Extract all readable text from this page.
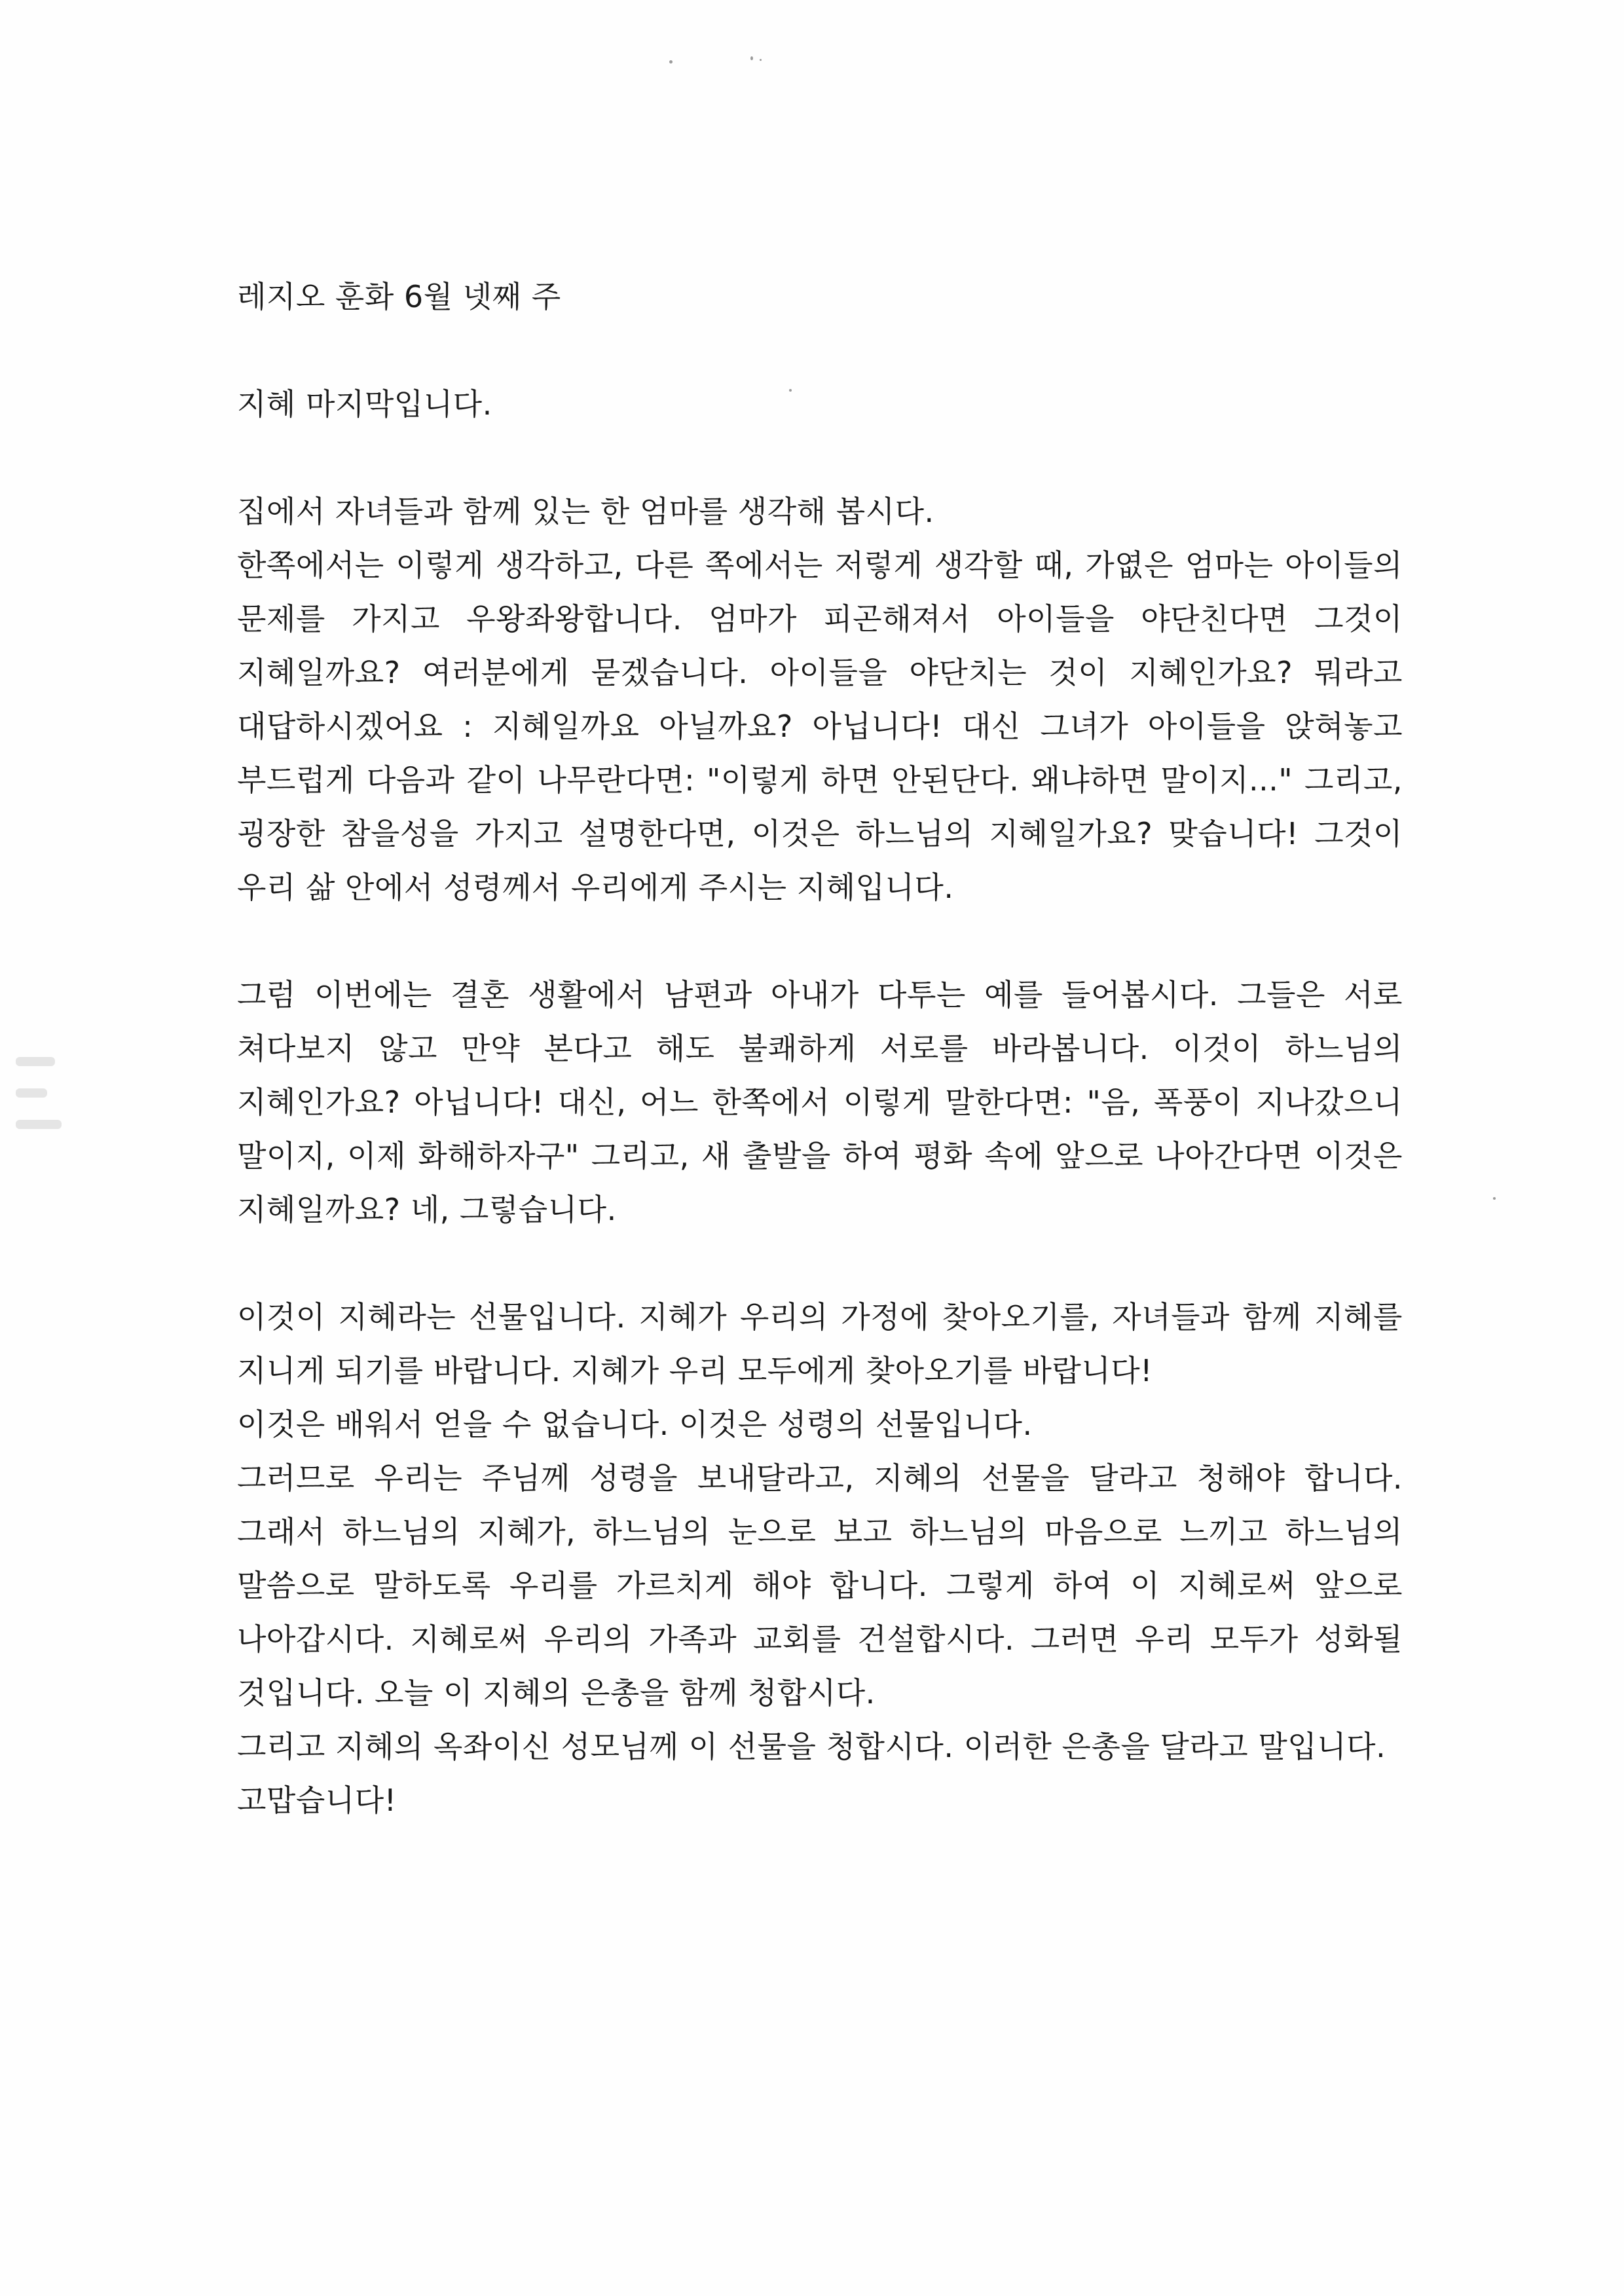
레지오 훈화 6월 넷째 주

지혜 마지막입니다.

집에서 자녀들과 함께 있는 한 엄마를 생각해 봅시다.

한쪽에서는 이렇게 생각하고, 다른 쪽에서는 저렇게 생각할 때, 가엾은 엄마는 아이들의 문제를 가지고 우왕좌왕합니다. 엄마가 피곤해져서 아이들을 야단친다면 그것이 지혜일까요? 여러분에게 묻겠습니다. 아이들을 야단치는 것이 지혜인가요? 뭐라고 대답하시겠어요 : 지혜일까요 아닐까요? 아닙니다! 대신 그녀가 아이들을 앉혀놓고 부드럽게 다음과 같이 나무란다면: "이렇게 하면 안된단다. 왜냐하면 말이지..." 그리고, 굉장한 참을성을 가지고 설명한다면, 이것은 하느님의 지혜일가요? 맞습니다! 그것이 우리 삶 안에서 성령께서 우리에게 주시는 지혜입니다.

그럼 이번에는 결혼 생활에서 남편과 아내가 다투는 예를 들어봅시다. 그들은 서로 쳐다보지 않고 만약 본다고 해도 불쾌하게 서로를 바라봅니다. 이것이 하느님의 지혜인가요? 아닙니다! 대신, 어느 한쪽에서 이렇게 말한다면: "음, 폭풍이 지나갔으니 말이지, 이제 화해하자구" 그리고, 새 출발을 하여 평화 속에 앞으로 나아간다면 이것은 지혜일까요? 네, 그렇습니다.

이것이 지혜라는 선물입니다. 지혜가 우리의 가정에 찾아오기를, 자녀들과 함께 지혜를 지니게 되기를 바랍니다. 지혜가 우리 모두에게 찾아오기를 바랍니다!

이것은 배워서 얻을 수 없습니다. 이것은 성령의 선물입니다.

그러므로 우리는 주님께 성령을 보내달라고, 지혜의 선물을 달라고 청해야 합니다. 그래서 하느님의 지혜가, 하느님의 눈으로 보고 하느님의 마음으로 느끼고 하느님의 말씀으로 말하도록 우리를 가르치게 해야 합니다. 그렇게 하여 이 지혜로써 앞으로 나아갑시다. 지혜로써 우리의 가족과 교회를 건설합시다. 그러면 우리 모두가 성화될 것입니다. 오늘 이 지혜의 은총을 함께 청합시다.

그리고 지혜의 옥좌이신 성모님께 이 선물을 청합시다. 이러한 은총을 달라고 말입니다.

고맙습니다!
